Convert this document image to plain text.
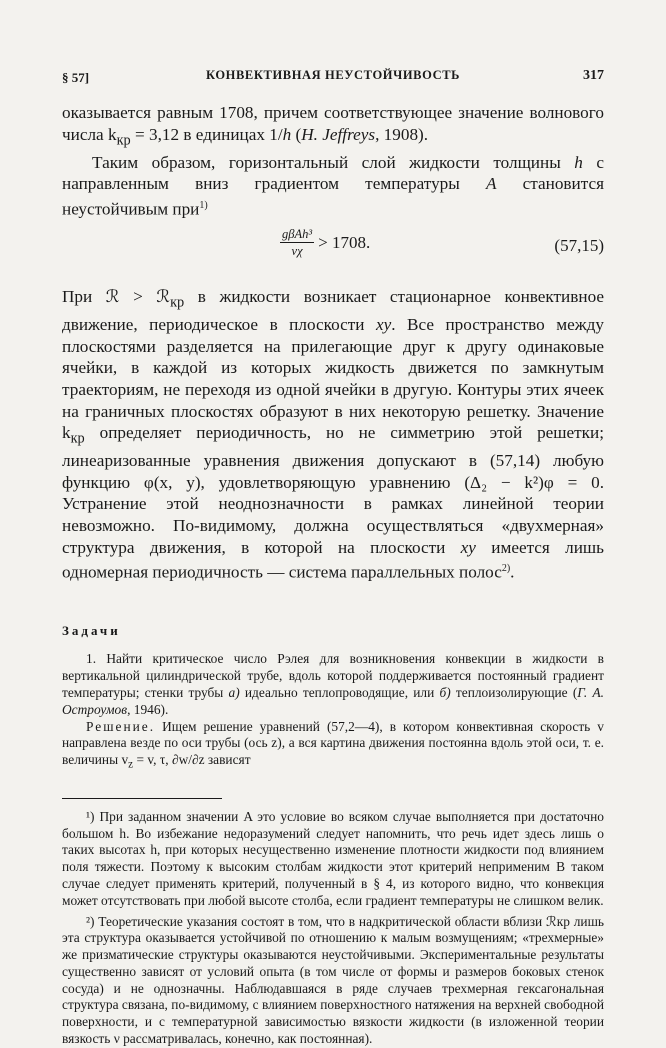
§ 57]	КОНВЕКТИВНАЯ НЕУСТОЙЧИВОСТЬ	317

оказывается равным 1708, причем соответствующее значение волнового числа $k_{кр} = 3,12$ в единицах 1/h (H. Jeffreys, 1908).

Таким образом, горизонтальный слой жидкости толщины h с направленным вниз градиентом температуры A становится неустойчивым при$^{1)}$

$\frac{\text{gβAh³}}{\nu\chi} > 1708$.	(57,15)

При ℛ > ℛ$_{кр}$ в жидкости возникает стационарное конвективное движение, периодическое в плоскости xy. Все пространство между плоскостями разделяется на прилегающие друг к другу одинаковые ячейки, в каждой из которых жидкость движется по замкнутым траекториям, не переходя из одной ячейки в другую. Контуры этих ячеек на граничных плоскостях образуют в них некоторую решетку. Значение $k_{кр}$ определяет периодичность, но не симметрию этой решетки; линеаризованные уравнения движения допускают в (57,14) любую функцию φ(x, y), удовлетворяющую уравнению (Δ₂ − k²)φ = 0. Устранение этой неоднозначности в рамках линейной теории невозможно. По-видимому, должна осуществляться «двухмерная» структура движения, в которой на плоскости xy имеется лишь одномерная периодичность — система параллельных полос$^{2)}$.

Задачи

1. Найти критическое число Рэлея для возникновения конвекции в жидкости в вертикальной цилиндрической трубе, вдоль которой поддерживается постоянный градиент температуры; стенки трубы а) идеально теплопроводящие, или б) теплоизолирующие (Г. А. Остроумов, 1946).

Решение. Ищем решение уравнений (57,2—4), в котором конвективная скорость v направлена везде по оси трубы (ось z), а вся картина движения постоянна вдоль этой оси, т. е. величины $v_z = v$, τ, ∂w/∂z зависят

¹) При заданном значении A это условие во всяком случае выполняется при достаточно большом h. Во избежание недоразумений следует напомнить, что речь идет здесь лишь о таких высотах h, при которых несущественно изменение плотности жидкости под влиянием поля тяжести. Поэтому к высоким столбам жидкости этот критерий неприменим В таком случае следует применять критерий, полученный в § 4, из которого видно, что конвекция может отсутствовать при любой высоте столба, если градиент температуры не слишком велик.

²) Теоретические указания состоят в том, что в надкритической области вблизи ℛкр лишь эта структура оказывается устойчивой по отношению к малым возмущениям; «трехмерные» же призматические структуры оказываются неустойчивыми. Экспериментальные результаты существенно зависят от условий опыта (в том числе от формы и размеров боковых стенок сосуда) и не однозначны. Наблюдавшаяся в ряде случаев трехмерная гексагональная структура связана, по-видимому, с влиянием поверхностного натяжения на верхней свободной поверхности, и с температурной зависимостью вязкости жидкости (в изложенной теории вязкость ν рассматривалась, конечно, как постоянная).
